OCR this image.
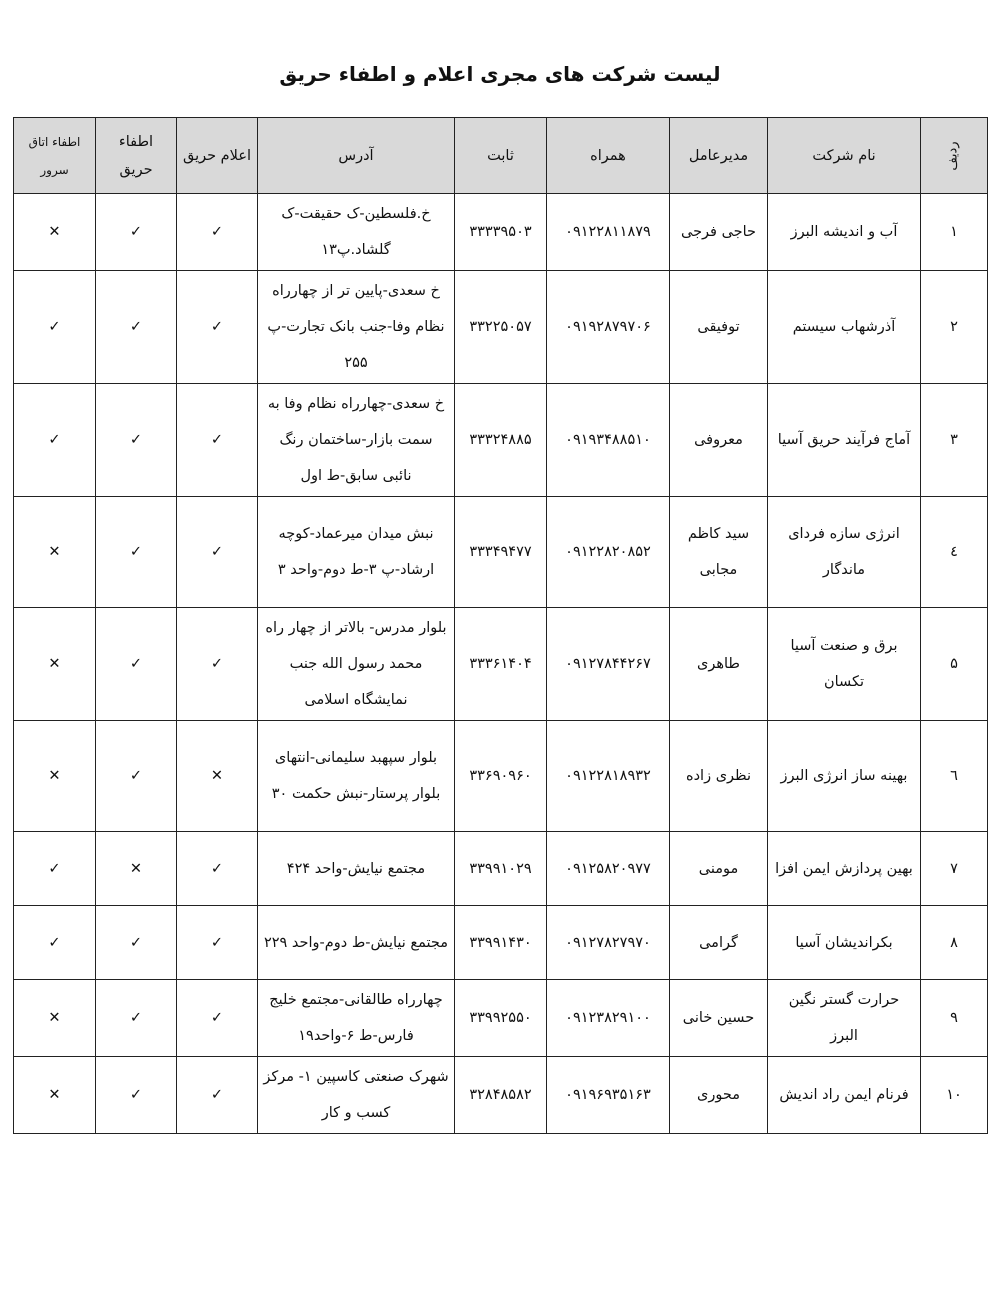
لیست شرکت های مجری اعلام و اطفاء حریق
ردیف	نام شرکت	مدیرعامل	همراه	ثابت	آدرس	اعلام حریق	اطفاء حریق	اطفاء اتاق سرور
۱	آب و اندیشه البرز	حاجی فرجی	۰۹۱۲۲۸۱۱۸۷۹	۳۳۳۳۹۵۰۳	خ.فلسطین-ک حقیقت-ک گلشاد.پ۱۳	✓	✓	✕
۲	آذرشهاب سیستم	توفیقی	۰۹۱۹۲۸۷۹۷۰۶	۳۳۲۲۵۰۵۷	خ سعدی-پایین تر از چهارراه نظام وفا-جنب بانک تجارت-پ ۲۵۵	✓	✓	✓
۳	آماج فرآیند حریق آسیا	معروفی	۰۹۱۹۳۴۸۸۵۱۰	۳۳۳۲۴۸۸۵	خ سعدی-چهارراه نظام وفا به سمت بازار-ساختمان رنگ نائبی سابق-ط اول	✓	✓	✓
٤	انرژی سازه فردای ماندگار	سید کاظم مجابی	۰۹۱۲۲۸۲۰۸۵۲	۳۳۳۴۹۴۷۷	نبش میدان میرعماد-کوچه ارشاد-پ ۳-ط دوم-واحد ۳	✓	✓	✕
۵	برق و صنعت آسیا تکسان	طاهری	۰۹۱۲۷۸۴۴۲۶۷	۳۳۳۶۱۴۰۴	بلوار مدرس- بالاتر از چهار راه محمد رسول الله جنب نمایشگاه اسلامی	✓	✓	✕
٦	بهینه ساز انرژی البرز	نظری زاده	۰۹۱۲۲۸۱۸۹۳۲	۳۳۶۹۰۹۶۰	بلوار سپهبد سلیمانی-انتهای بلوار پرستار-نبش حکمت ۳۰	✕	✓	✕
۷	بهین پردازش ایمن افزا	مومنی	۰۹۱۲۵۸۲۰۹۷۷	۳۳۹۹۱۰۲۹	مجتمع نیایش-واحد ۴۲۴	✓	✕	✓
۸	بکراندیشان آسیا	گرامی	۰۹۱۲۷۸۲۷۹۷۰	۳۳۹۹۱۴۳۰	مجتمع نیایش-ط دوم-واحد ۲۲۹	✓	✓	✓
۹	حرارت گستر نگین البرز	حسین خانی	۰۹۱۲۳۸۲۹۱۰۰	۳۳۹۹۲۵۵۰	چهارراه طالقانی-مجتمع خلیج فارس-ط ۶-واحد۱۹	✓	✓	✕
۱۰	فرنام ایمن راد اندیش	محوری	۰۹۱۹۶۹۳۵۱۶۳	۳۲۸۴۸۵۸۲	شهرک صنعتی کاسپین ۱- مرکز کسب و کار	✓	✓	✕
